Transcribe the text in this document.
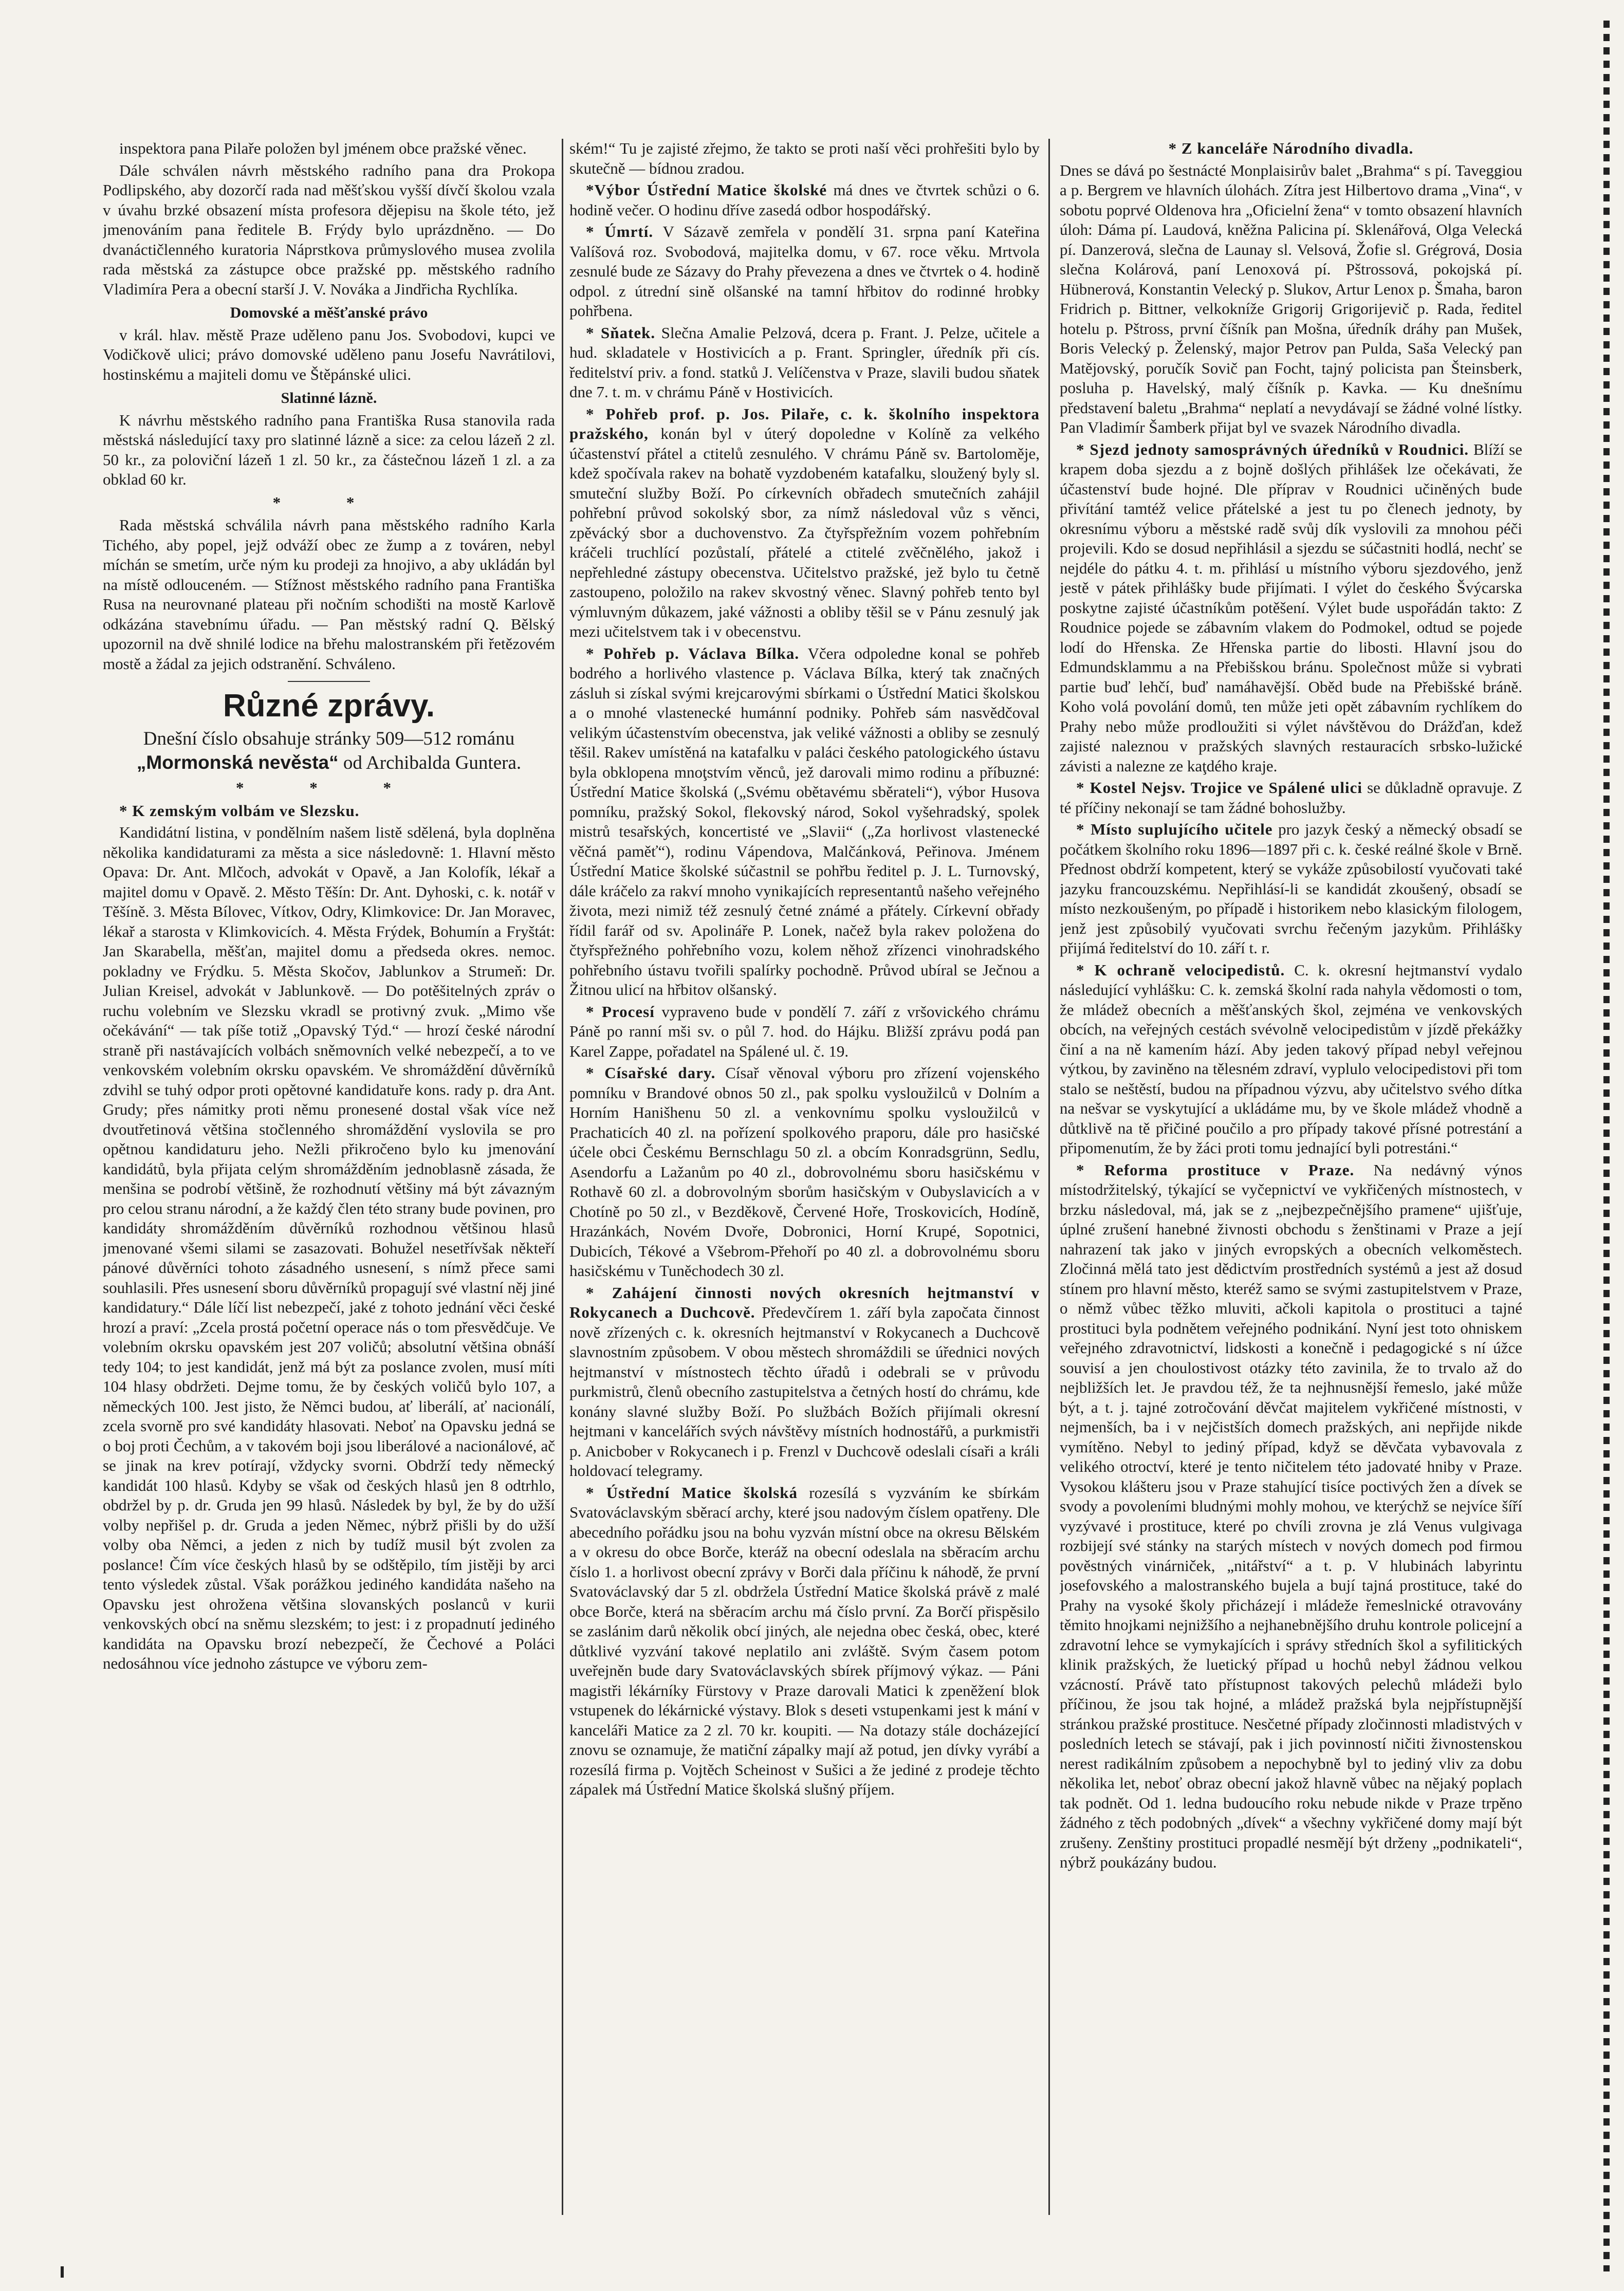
inspektora pana Pilaře položen byl jménem obce pražské věnec.

Dále schválen návrh městského radního pana dra Prokopa Podlipského, aby dozorčí rada nad měšťskou vyšší dívčí školou vzala v úvahu brzké obsazení místa profesora dějepisu na škole této, jež jmenováním pana ředitele B. Frýdy bylo uprázdněno. — Do dvanáctičlenného kuratoria Náprstkova průmyslového musea zvolila rada městská za zástupce obce pražské pp. městského radního Vladimíra Pera a obecní starší J. V. Nováka a Jindřicha Rychlíka.

Domovské a měšťanské právo

v král. hlav. městě Praze uděleno panu Jos. Svobodovi, kupci ve Vodičkově ulici; právo domovské uděleno panu Josefu Navrátilovi, hostinskému a majiteli domu ve Štěpánské ulici.

Slatinné lázně.

K návrhu městského radního pana Františka Rusa stanovila rada městská následující taxy pro slatinné lázně a sice: za celou lázeň 2 zl. 50 kr., za poloviční lázeň 1 zl. 50 kr., za částečnou lázeň 1 zl. a za obklad 60 kr.

* *

Rada městská schválila návrh pana městského radního Karla Tichého, aby popel, jejž odváží obec ze žump a z továren, nebyl míchán se smetím, urče ným ku prodeji za hnojivo, a aby ukládán byl na místě odlouceném. — Stížnost městského radního pana Františka Rusa na neurovnané plateau při nočním schodišti na mostě Karlově odkázána stavebnímu úřadu. — Pan městský radní Q. Bělský upozornil na dvě shnilé lodice na břehu malostranském při řetězovém mostě a žádal za jejich odstranění. Schváleno.

Různé zprávy.
Dnešní číslo obsahuje stránky 509—512 románu „Mormonská nevěsta“ od Archibalda Guntera.
* * *

* K zemským volbám ve Slezsku.

Kandidátní listina, v pondělním našem listě sdělená, byla doplněna několika kandidaturami za města a sice následovně: 1. Hlavní město Opava: Dr. Ant. Mlčoch, advokát v Opavě, a Jan Kolofík, lékař a majitel domu v Opavě. 2. Město Těšín: Dr. Ant. Dyhoski, c. k. notář v Těšíně. 3. Města Bílovec, Vítkov, Odry, Klimkovice: Dr. Jan Moravec, lékař a starosta v Klimkovicích. 4. Města Frýdek, Bohumín a Fryštát: Jan Skarabella, měšťan, majitel domu a předseda okres. nemoc. pokladny ve Frýdku. 5. Města Skočov, Jablunkov a Strumeň: Dr. Julian Kreisel, advokát v Jablunkově. — Do potěšitelných zpráv o ruchu volebním ve Slezsku vkradl se protivný zvuk. „Mimo vše očekávání“ — tak píše totiž „Opavský Týd.“ — hrozí české národní straně při nastávajících volbách sněmovních velké nebezpečí, a to ve venkovském volebním okrsku opavském. Ve shromáždění důvěrníků zdvihl se tuhý odpor proti opětovné kandidatuře kons. rady p. dra Ant. Grudy; přes námitky proti němu pronesené dostal však více než dvoutřetinová většina stočlenného shromáždění vyslovila se pro opětnou kandidaturu jeho. Nežli přikročeno bylo ku jmenování kandidátů, byla přijata celým shromážděním jednoblasně zásada, že menšina se podrobí většině, že rozhodnutí většiny má být závazným pro celou stranu národní, a že každý člen této strany bude povinen, pro kandidáty shromážděním důvěrníků rozhodnou většinou hlasů jmenované všemi silami se zasazovati. Bohužel nesetřívšak někteří pánové důvěrníci tohoto zásadného usnesení, s nímž přece sami souhlasili. Přes usnesení sboru důvěrníků propagují své vlastní něj jiné kandidatury.“ Dále líčí list nebezpečí, jaké z tohoto jednání věci české hrozí a praví: „Zcela prostá početní operace nás o tom přesvědčuje. Ve volebním okrsku opavském jest 207 voličů; absolutní většina obnáší tedy 104; to jest kandidát, jenž má být za poslance zvolen, musí míti 104 hlasy obdržeti. Dejme tomu, že by českých voličů bylo 107, a německých 100. Jest jisto, že Němci budou, ať liberálí, ať nacionálí, zcela svorně pro své kandidáty hlasovati. Neboť na Opavsku jedná se o boj proti Čechům, a v takovém boji jsou liberálové a nacionálové, ač se jinak na krev potírají, vždycky svorni. Obdrží tedy německý kandidát 100 hlasů. Kdyby se však od českých hlasů jen 8 odtrhlo, obdržel by p. dr. Gruda jen 99 hlasů. Následek by byl, že by do užší volby nepřišel p. dr. Gruda a jeden Němec, nýbrž přišli by do užší volby oba Němci, a jeden z nich by tudíž musil být zvolen za poslance! Čím více českých hlasů by se odštěpilo, tím jistěji by arci tento výsledek zůstal. Však porážkou jediného kandidáta našeho na Opavsku jest ohrožena většina slovanských poslanců v kurii venkovských obcí na sněmu slezském; to jest: i z propadnutí jediného kandidáta na Opavsku brozí nebezpečí, že Čechové a Poláci nedosáhnou více jednoho zástupce ve výboru zem-

ském!“ Tu je zajisté zřejmo, že takto se proti naší věci prohřešiti bylo by skutečně — bídnou zradou.

*Výbor Ústřední Matice školské má dnes ve čtvrtek schůzi o 6. hodině večer. O hodinu dříve zasedá odbor hospodářský.

* Úmrtí. V Sázavě zemřela v pondělí 31. srpna paní Kateřina Valíšová roz. Svobodová, majitelka domu, v 67. roce věku. Mrtvola zesnulé bude ze Sázavy do Prahy převezena a dnes ve čtvrtek o 4. hodině odpol. z útrední sině olšanské na tamní hřbitov do rodinné hrobky pohřbena.

* Sňatek. Slečna Amalie Pelzová, dcera p. Frant. J. Pelze, učitele a hud. skladatele v Hostivicích a p. Frant. Springler, úředník při cís. ředitelství priv. a fond. statků J. Velíčenstva v Praze, slavili budou sňatek dne 7. t. m. v chrámu Páně v Hostivicích.

* Pohřeb prof. p. Jos. Pilaře, c. k. školního inspektora pražského, konán byl v úterý dopoledne v Kolíně za velkého účastenství přátel a ctitelů zesnulého. V chrámu Páně sv. Bartoloměje, kdež spočívala rakev na bohatě vyzdobeném katafalku, sloužený byly sl. smuteční služby Boží. Po církevních obřadech smutečních zahájil pohřební průvod sokolský sbor, za nímž následoval vůz s věnci, zpěvácký sbor a duchovenstvo. Za čtyřspřežním vozem pohřebním kráčeli truchlící pozůstalí, přátelé a ctitelé zvěčnělého, jakož i nepřehledné zástupy obecenstva. Učitelstvo pražské, jež bylo tu četně zastoupeno, položilo na rakev skvostný věnec. Slavný pohřeb tento byl výmluvným důkazem, jaké vážnosti a obliby těšil se v Pánu zesnulý jak mezi učitelstvem tak i v obecenstvu.

* Pohřeb p. Václava Bílka. Včera odpoledne konal se pohřeb bodrého a horlivého vlastence p. Václava Bílka, který tak značných zásluh si získal svými krejcarovými sbírkami o Ústřední Matici školskou a o mnohé vlastenecké humánní podniky. Pohřeb sám nasvědčoval velikým účastenstvím obecenstva, jak veliké vážnosti a obliby se zesnulý těšil. Rakev umístěná na katafalku v paláci českého patologického ústavu byla obklopena mnoţstvím věnců, jež darovali mimo rodinu a příbuzné: Ústřední Matice školská („Svému obětavému sběrateli“), výbor Husova pomníku, pražský Sokol, flekovský národ, Sokol vyšehradský, spolek mistrů tesařských, koncertisté ve „Slavii“ („Za horlivost vlastenecké věčná paměť“), rodinu Vápendova, Malčánková, Peřinova. Jménem Ústřední Matice školské súčastnil se pohřbu ředitel p. J. L. Turnovský, dále kráčelo za rakví mnoho vynikajících representantů našeho veřejného života, mezi nimiž též zesnulý četné známé a přátely. Církevní obřady řídil farář od sv. Apolináře P. Lonek, načež byla rakev položena do čtyřspřežného pohřebního vozu, kolem něhož zřízenci vinohradského pohřebního ústavu tvořili spalírky pochodně. Průvod ubíral se Ječnou a Žitnou ulicí na hřbitov olšanský.

* Procesí vypraveno bude v pondělí 7. září z vršovického chrámu Páně po ranní mši sv. o půl 7. hod. do Hájku. Bližší zprávu podá pan Karel Zappe, pořadatel na Spálené ul. č. 19.

* Císařské dary. Císař věnoval výboru pro zřízení vojenského pomníku v Brandové obnos 50 zl., pak spolku vysloužilců v Dolním a Horním Hanišhenu 50 zl. a venkovnímu spolku vysloužilců v Prachaticích 40 zl. na pořízení spolkového praporu, dále pro hasičské účele obci Českému Bernschlagu 50 zl. a obcím Konradsgrünn, Sedlu, Asendorfu a Lažanům po 40 zl., dobrovolnému sboru hasičskému v Rothavě 60 zl. a dobrovolným sborům hasičským v Oubyslavicích a v Chotíně po 50 zl., v Bezděkově, Červené Hoře, Troskovicích, Hodíně, Hrazánkách, Novém Dvoře, Dobronici, Horní Krupé, Sopotnici, Dubicích, Tékové a Všebrom-Přehoří po 40 zl. a dobrovolnému sboru hasičskému v Tuněchodech 30 zl.

* Zahájení činnosti nových okresních hejtmanství v Rokycanech a Duchcově. Předevčírem 1. září byla započata činnost nově zřízených c. k. okresních hejtmanství v Rokycanech a Duchcově slavnostním způsobem. V obou městech shromáždili se úřednici nových hejtmanství v místnostech těchto úřadů i odebrali se v průvodu purkmistrů, členů obecního zastupitelstva a četných hostí do chrámu, kde konány slavné služby Boží. Po službách Božích přijímali okresní hejtmani v kancelářích svých návštěvy místních hodnostářů, a purkmistři p. Anicbober v Rokycanech i p. Frenzl v Duchcově odeslali císaři a králi holdovací telegramy.

* Ústřední Matice školská rozesílá s vyzváním ke sbírkám Svatováclavským sběrací archy, které jsou nadovým číslem opatřeny. Dle abecedního pořádku jsou na bohu vyzván místní obce na okresu Bělském a v okresu do obce Borče, kteráž na obecní odeslala na sběracím archu číslo 1. a horlivost obecní zprávy v Borči dala příčinu k náhodě, že první Svatováclavský dar 5 zl. obdržela Ústřední Matice školská právě z malé obce Borče, která na sběracím archu má číslo první. Za Borčí přispěsilo se zaslánim darů několik obcí jiných, ale nejedna obec česká, obec, které důtklivé vyzvání takové neplatilo ani zvláště. Svým časem potom uveřejněn bude dary Svatováclavských sbírek příjmový výkaz. — Páni magistři lékárníky Fürstovy v Praze darovali Matici k zpeněžení blok vstupenek do lékárnické výstavy. Blok s deseti vstupenkami jest k mání v kanceláři Matice za 2 zl. 70 kr. koupiti. — Na dotazy stále docházející znovu se oznamuje, že matiční zápalky mají až potud, jen dívky vyrábí a rozesílá firma p. Vojtěch Scheinost v Sušici a že jediné z prodeje těchto zápalek má Ústřední Matice školská slušný příjem.

* Z kanceláře Národního divadla.

Dnes se dává po šestnácté Monplaisirův balet „Brahma“ s pí. Taveggiou a p. Bergrem ve hlavních úlohách. Zítra jest Hilbertovo drama „Vina“, v sobotu poprvé Oldenova hra „Oficielní žena“ v tomto obsazení hlavních úloh: Dáma pí. Laudová, kněžna Palicina pí. Sklenářová, Olga Velecká pí. Danzerová, slečna de Launay sl. Velsová, Žofie sl. Grégrová, Dosia slečna Kolárová, paní Lenoxová pí. Pštrossová, pokojská pí. Hübnerová, Konstantin Velecký p. Slukov, Artur Lenox p. Šmaha, baron Fridrich p. Bittner, velkokníže Grigorij Grigorijevič p. Rada, ředitel hotelu p. Pštross, první číšník pan Mošna, úředník dráhy pan Mušek, Boris Velecký p. Želenský, major Petrov pan Pulda, Saša Velecký pan Matějovský, poručík Sovič pan Focht, tajný policista pan Šteinsberk, posluha p. Havelský, malý číšník p. Kavka. — Ku dnešnímu představení baletu „Brahma“ neplatí a nevydávají se žádné volné lístky. Pan Vladimír Šamberk přijat byl ve svazek Národního divadla.

* Sjezd jednoty samosprávných úředníků v Roudnici. Blíží se krapem doba sjezdu a z bojně došlých přihlášek lze očekávati, že účastenství bude hojné. Dle příprav v Roudnici učiněných bude přivítání tamtéž velice přátelské a jest tu po členech jednoty, by okresnímu výboru a městské radě svůj dík vyslovili za mnohou péči projevili. Kdo se dosud nepřihlásil a sjezdu se súčastniti hodlá, nechť se nejdéle do pátku 4. t. m. přihlásí u místního výboru sjezdového, jenž jestě v pátek přihlášky bude přijímati. I výlet do českého Švýcarska poskytne zajisté účastníkům potěšení. Výlet bude uspořádán takto: Z Roudnice pojede se zábavním vlakem do Podmokel, odtud se pojede lodí do Hřenska. Ze Hřenska partie do libosti. Hlavní jsou do Edmundsklammu a na Přebišskou bránu. Společnost může si vybrati partie buď lehčí, buď namáhavější. Oběd bude na Přebišské bráně. Koho volá povolání domů, ten může jeti opět zábavním rychlíkem do Prahy nebo může prodloužiti si výlet návštěvou do Drážďan, kdež zajisté naleznou v pražských slavných restauracích srbsko-lužické závisti a nalezne ze kaţdého kraje.

* Kostel Nejsv. Trojice ve Spálené ulici se důkladně opravuje. Z té příčiny nekonají se tam žádné bohoslužby.

* Místo suplujícího učitele pro jazyk český a německý obsadí se počátkem školního roku 1896—1897 při c. k. české reálné škole v Brně. Přednost obdrží kompetent, který se vykáže způsobilostí vyučovati také jazyku francouzskému. Nepřihlásí-li se kandidát zkoušený, obsadí se místo nezkoušeným, po případě i historikem nebo klasickým filologem, jenž jest způsobilý vyučovati svrchu řečeným jazykům. Přihlášky přijímá ředitelství do 10. září t. r.

* K ochraně velocipedistů. C. k. okresní hejtmanství vydalo následující vyhlášku: C. k. zemská školní rada nahyla vědomosti o tom, že mládež obecních a měšťanských škol, zejména ve venkovských obcích, na veřejných cestách svévolně velocipedistům v jízdě překážky činí a na ně kamením hází. Aby jeden takový případ nebyl veřejnou výtkou, by zaviněno na tělesném zdraví, vyplulo velocipedistovi při tom stalo se neštěstí, budou na případnou výzvu, aby učitelstvo svého dítka na nešvar se vyskytující a ukládáme mu, by ve škole mládež vhodně a důtklivě na tě přičiné poučilo a pro případy takové přísné potrestání a připomenutím, že by žáci proti tomu jednající byli potrestáni.“

* Reforma prostituce v Praze. Na nedávný výnos místodržitelský, týkající se vyčepnictví ve vykřičených místnostech, v brzku následoval, má, jak se z „nejbezpečnějšího pramene“ ujišťuje, úplné zrušení hanebné živnosti obchodu s ženštinami v Praze a její nahrazení tak jako v jiných evropských a obecních velkoměstech. Zločinná mělá tato jest dědictvím prostředních systémů a jest až dosud stínem pro hlavní město, kteréž samo se svými zastupitelstvem v Praze, o němž vůbec těžko mluviti, ačkoli kapitola o prostituci a tajné prostituci byla podnětem veřejného podnikání. Nyní jest toto ohniskem veřejného zdravotnictví, lidskosti a konečně i pedagogické s ní úžce souvisí a jen choulostivost otázky této zavinila, že to trvalo až do nejbližších let. Je pravdou též, že ta nejhnusnější řemeslo, jaké může být, a t. j. tajné zotročování děvčat majitelem vykřičené místnosti, v nejmenších, ba i v nejčistších domech pražských, ani nepřijde nikde vymítěno. Nebyl to jediný případ, když se děvčata vybavovala z velikého otroctví, které je tento ničitelem této jadovaté hniby v Praze. Vysokou klášteru jsou v Praze stahující tisíce poctivých žen a dívek se svody a povoleními bludnými mohly mohou, ve kterýchž se nejvíce šíří vyzývavé i prostituce, které po chvíli zrovna je zlá Venus vulgivaga rozbijejí své stánky na starých místech v nových domech pod firmou pověstných vinárniček, „nitářství“ a t. p. V hlubinách labyrintu josefovského a malostranského bujela a bují tajná prostituce, také do Prahy na vysoké školy přicházejí i mládeže řemeslnické otravovány těmito hnojkami nejnižšího a nejhanebnějšího druhu kontrole policejní a zdravotní lehce se vymykajících i správy středních škol a syfilitických klinik pražských, že luetický případ u hochů nebyl žádnou velkou vzácností. Právě tato přístupnost takových pelechů mládeži bylo příčinou, že jsou tak hojné, a mládež pražská byla nejpřístupnější stránkou pražské prostituce. Nesčetné případy zločinnosti mladistvých v posledních letech se stávají, pak i jich povinností ničiti živnostenskou nerest radikálním způsobem a nepochybně byl to jediný vliv za dobu několika let, neboť obraz obecní jakož hlavně vůbec na nějaký poplach tak podnět. Od 1. ledna budoucího roku nebude nikde v Praze trpěno žádného z těch podobných „dívek“ a všechny vykřičené domy mají být zrušeny. Zenštiny prostituci propadlé nesmějí být drženy „podnikateli“, nýbrž poukázány budou.
